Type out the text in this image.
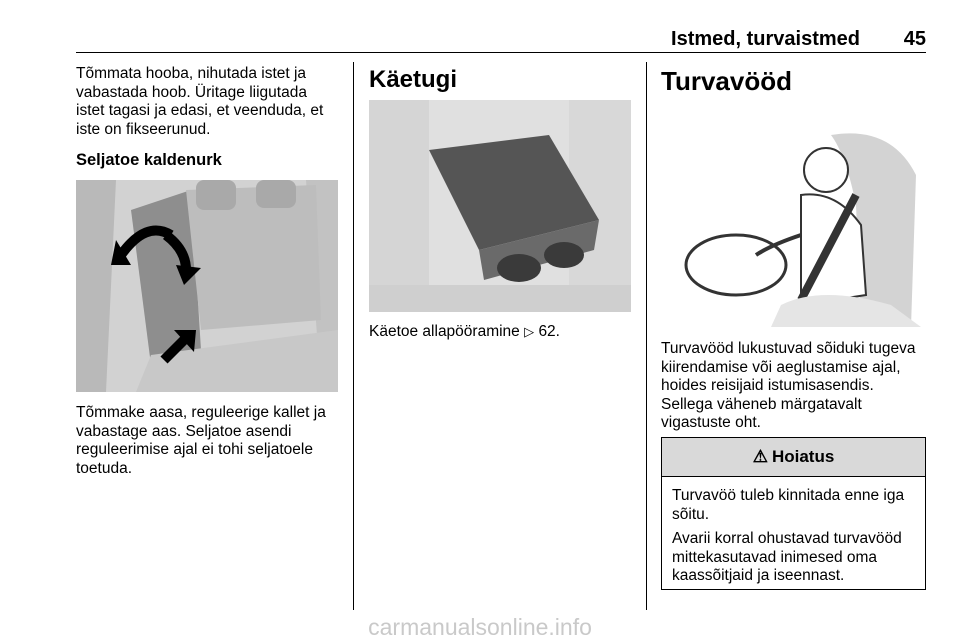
Istmed, turvaistmed	45
Tõmmata hooba, nihutada istet ja
vabastada hoob. Üritage liigutada
istet tagasi ja edasi, et veenduda, et
iste on fikseerunud.
Seljatoe kaldenurk
Tõmmake aasa, reguleerige kallet ja
vabastage aas. Seljatoe asendi
reguleerimise ajal ei tohi seljatoele
toetuda.
Käetugi
Käetoe allapööramine ▷ 62.
Turvavööd
Turvavööd lukustuvad sõiduki tugeva
kiirendamise või aeglustamise ajal,
hoides reisijaid istumisasendis.
Sellega väheneb märgatavalt
vigastuste oht.
⚠ Hoiatus
Turvavöö tuleb kinnitada enne iga
sõitu.
Avarii korral ohustavad turvavööd
mittekasutavad inimesed oma
kaassõitjaid ja iseennast.
carmanualsonline.info
